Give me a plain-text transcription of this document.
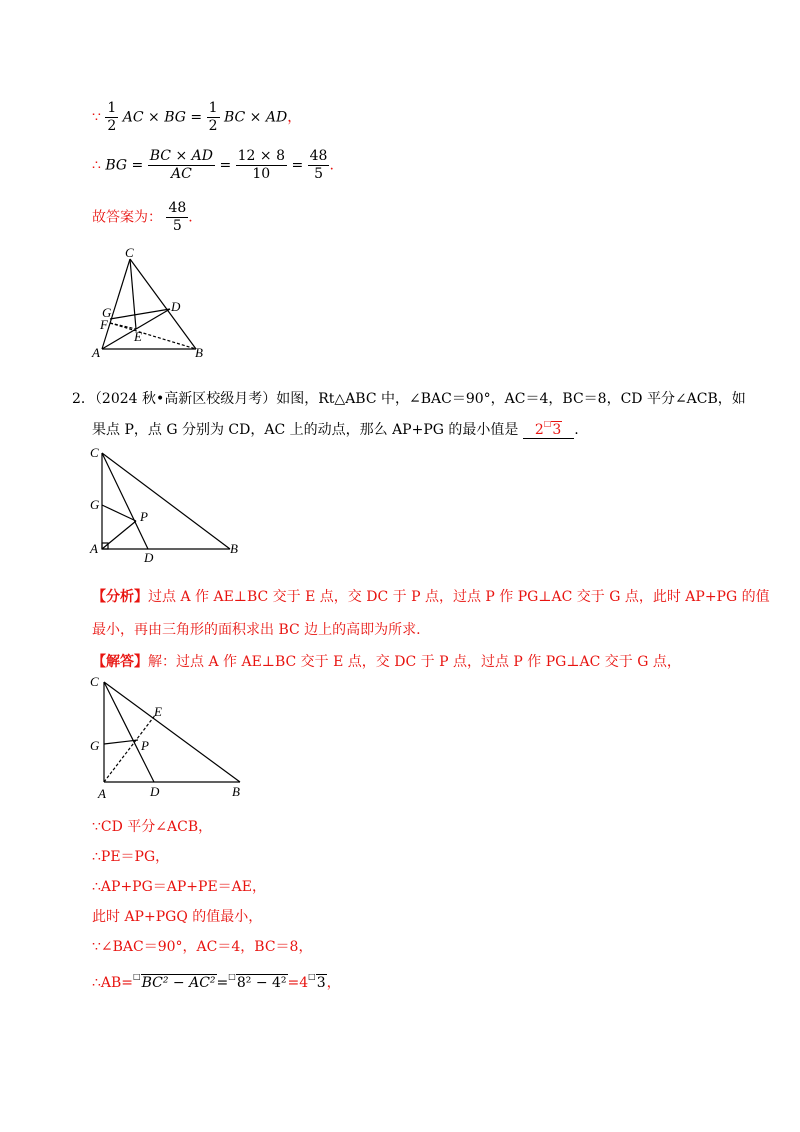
∵ $\frac{1}{2}$ AC × BG = $\frac{1}{2}$ BC × AD，
∴ BG = $\frac{BC \times AD}{AC} = \frac{12 \times 8}{10} = \frac{48}{5}$ .
故答案为： $\frac{48}{5}$ .
C
G
F
D
E
A	B
2．（2024 秋•高新区校级月考）如图，Rt△ABC 中，∠BAC＝90°，AC＝4，BC＝8，CD 平分∠ACB，如
果点 P，点 G 分别为 CD，AC 上的动点，那么 AP+PG 的最小值是 2□3 .
C
G
P
A
D
B
【分析】过点 A 作 AE⊥BC 交于 E 点，交 DC 于 P 点，过点 P 作 PG⊥AC 交于 G 点，此时 AP+PG 的值
最小，再由三角形的面积求出 BC 边上的高即为所求.
【解答】解：过点 A 作 AE⊥BC 交于 E 点，交 DC 于 P 点，过点 P 作 PG⊥AC 交于 G 点，
C
E
G	P
A	D	B
∵CD 平分∠ACB，
∴PE＝PG，
∴AP+PG＝AP+PE＝AE，
此时 AP+PGQ 的值最小，
∵∠BAC＝90°，AC＝4，BC＝8，
∴AB=□BC² − AC²=□8² − 4²=4□3，
